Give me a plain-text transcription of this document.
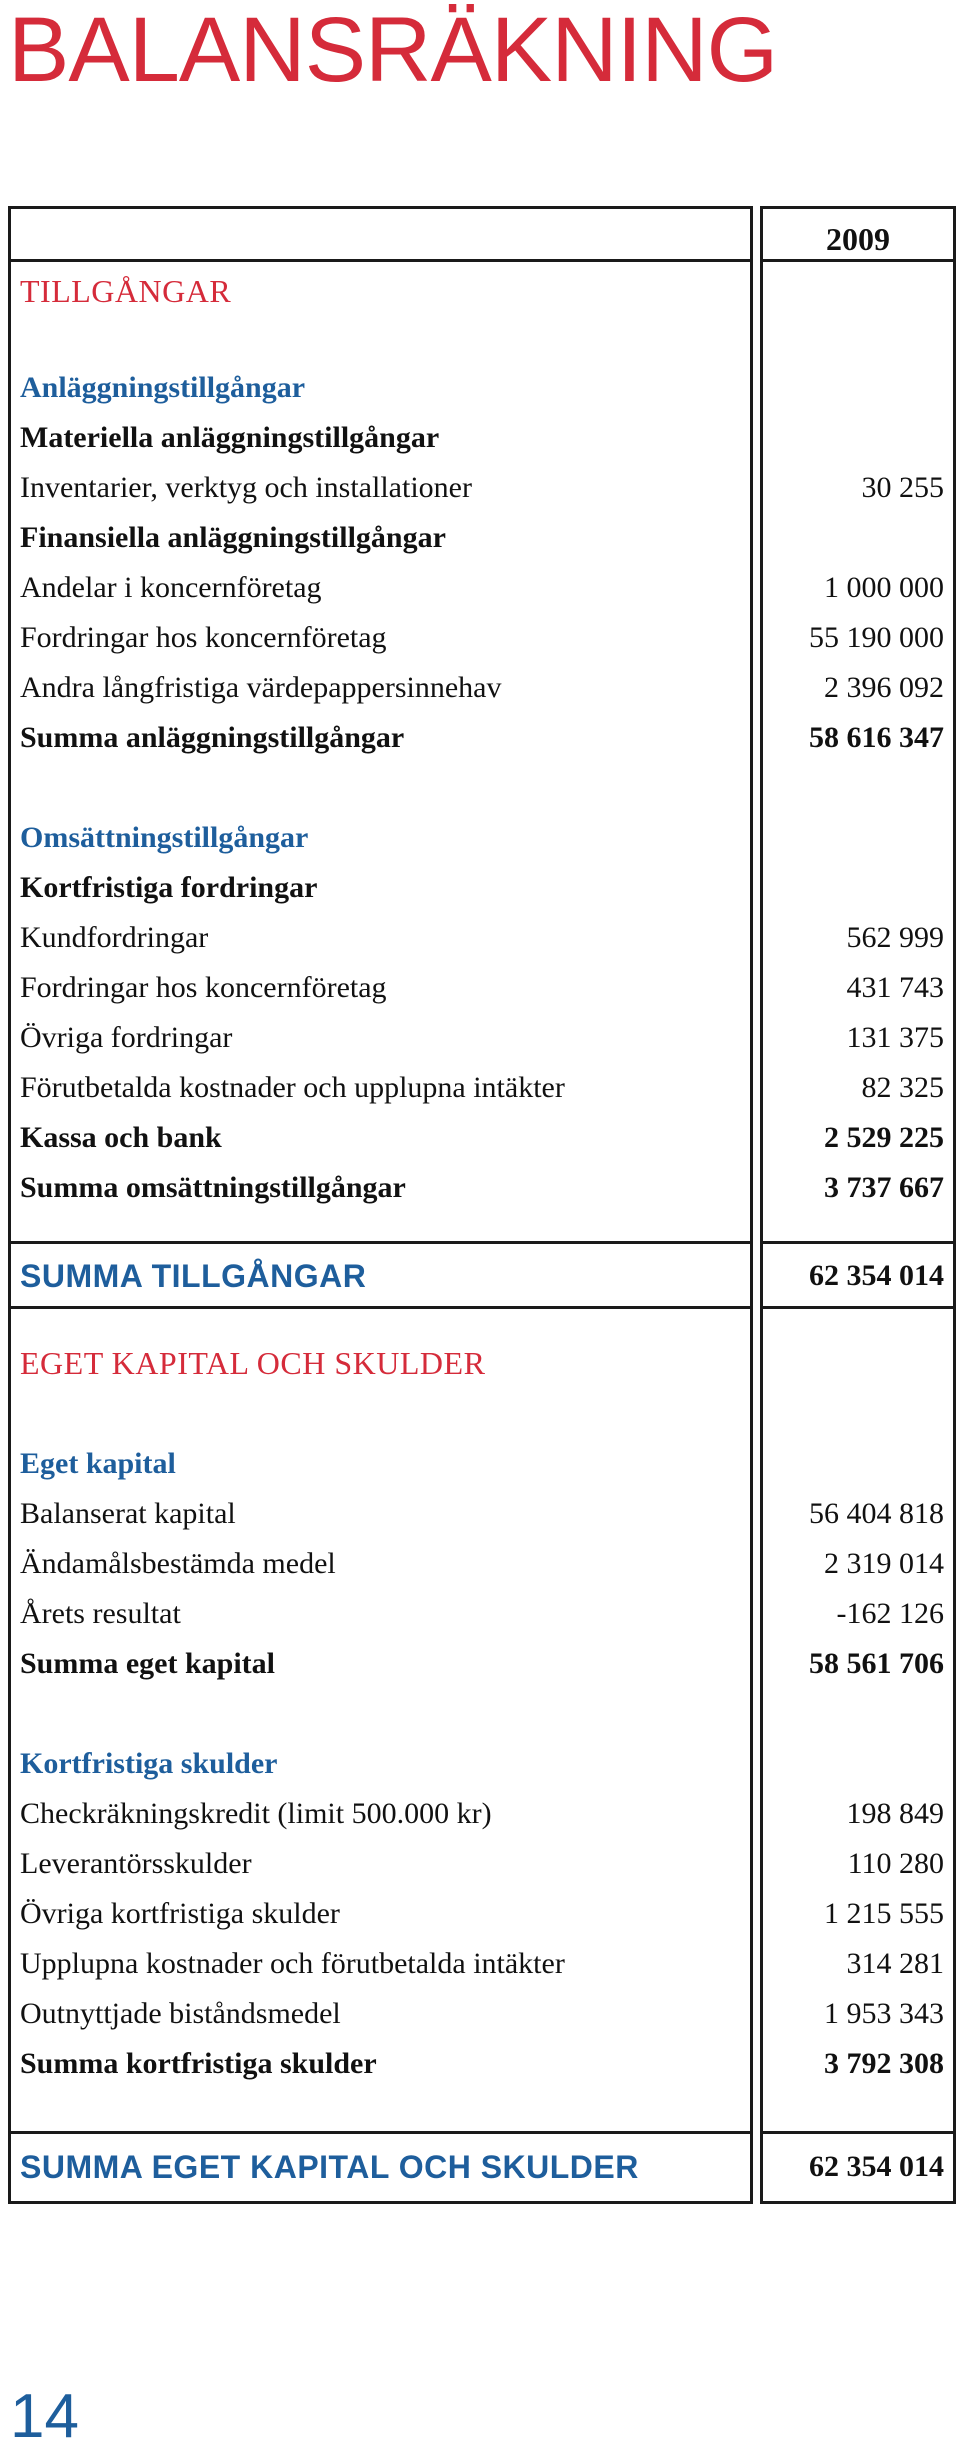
BALANSRÄKNING
2009
TILLGÅNGAR
Anläggningstillgångar
Materiella anläggningstillgångar
Inventarier, verktyg och installationer	30 255
Finansiella anläggningstillgångar
Andelar i koncernföretag	1 000 000
Fordringar hos koncernföretag	55 190 000
Andra långfristiga värdepappersinnehav	2 396 092
Summa anläggningstillgångar	58 616 347
Omsättningstillgångar
Kortfristiga fordringar
Kundfordringar	562 999
Fordringar hos koncernföretag	431 743
Övriga fordringar	131 375
Förutbetalda kostnader och upplupna intäkter	82 325
Kassa och bank	2 529 225
Summa omsättningstillgångar	3 737 667
SUMMA TILLGÅNGAR	62 354 014
EGET KAPITAL OCH SKULDER
Eget kapital
Balanserat kapital	56 404 818
Ändamålsbestämda medel	2 319 014
Årets resultat	-162 126
Summa eget kapital	58 561 706
Kortfristiga skulder
Checkräkningskredit (limit 500.000 kr)	198 849
Leverantörsskulder	110 280
Övriga kortfristiga skulder	1 215 555
Upplupna kostnader och förutbetalda intäkter	314 281
Outnyttjade biståndsmedel	1 953 343
Summa kortfristiga skulder	3 792 308
SUMMA EGET KAPITAL OCH SKULDER	62 354 014
14
